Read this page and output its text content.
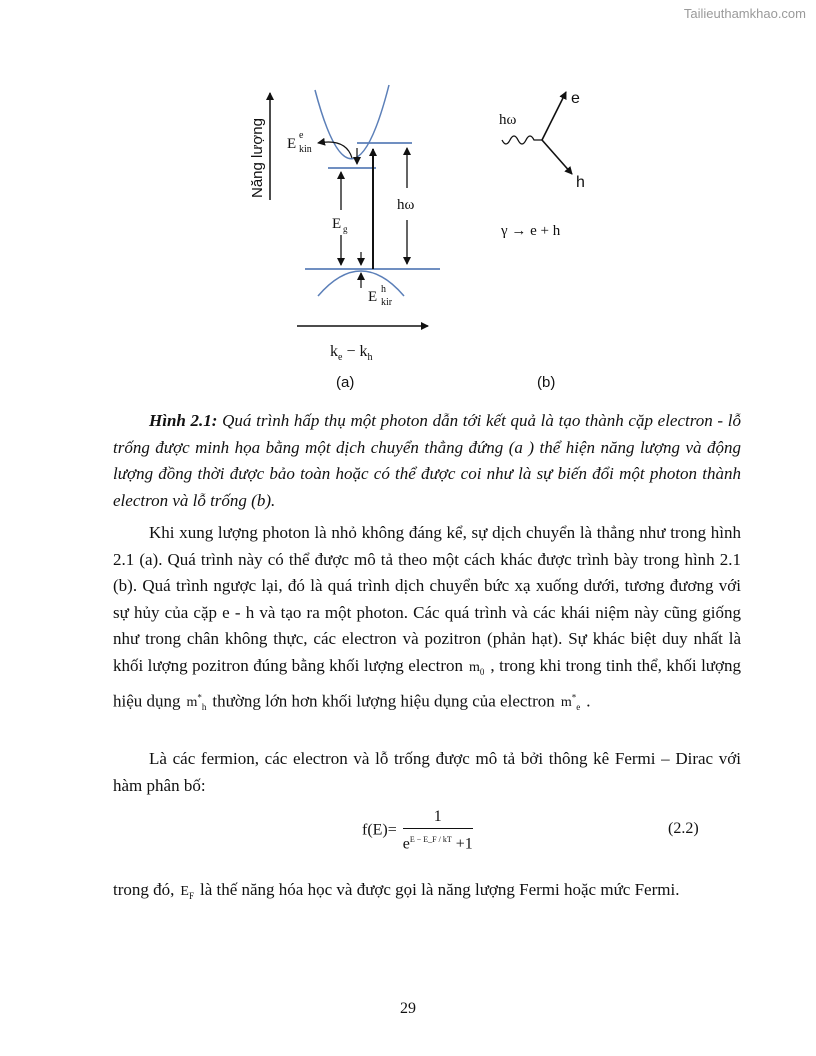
Tailieuthamkhao.com
Năng lượng E
e
kin
E g
hω
E h
kir
$k_e - k_h$
(a)	(b)
hω
e
h
γ → e + h

Hình 2.1: Quá trình hấp thụ một photon dẫn tới kết quả là tạo thành cặp electron - lỗ trống được minh họa bằng một dịch chuyển thẳng đứng (a ) thể hiện năng lượng và động lượng đồng thời được bảo toàn hoặc có thể được coi như là sự biến đổi một photon thành electron và lỗ trống (b).

Khi xung lượng photon là nhỏ không đáng kể, sự dịch chuyển là thẳng như trong hình 2.1 (a). Quá trình này có thể được mô tả theo một cách khác được trình bày trong hình 2.1 (b). Quá trình ngược lại, đó là quá trình dịch chuyển bức xạ xuống dưới, tương đương với sự hủy của cặp e - h và tạo ra một photon. Các quá trình và các khái niệm này cũng giống như trong chân không thực, các electron và pozitron (phản hạt). Sự khác biệt duy nhất là khối lượng pozitron đúng bằng khối lượng electron $m_0$ , trong khi trong tinh thể, khối lượng hiệu dụng $m^*_h$ thường lớn hơn khối lượng hiệu dụng của electron $m^*_e$ .

Là các fermion, các electron và lỗ trống được mô tả bởi thông kê Fermi – Dirac với hàm phân bố:

$f(E)= \frac{1}{e^{E - E\_F / kT} +1}$	(2.2)

trong đó, $E_F$ là thế năng hóa học và được gọi là năng lượng Fermi hoặc mức Fermi.

29
